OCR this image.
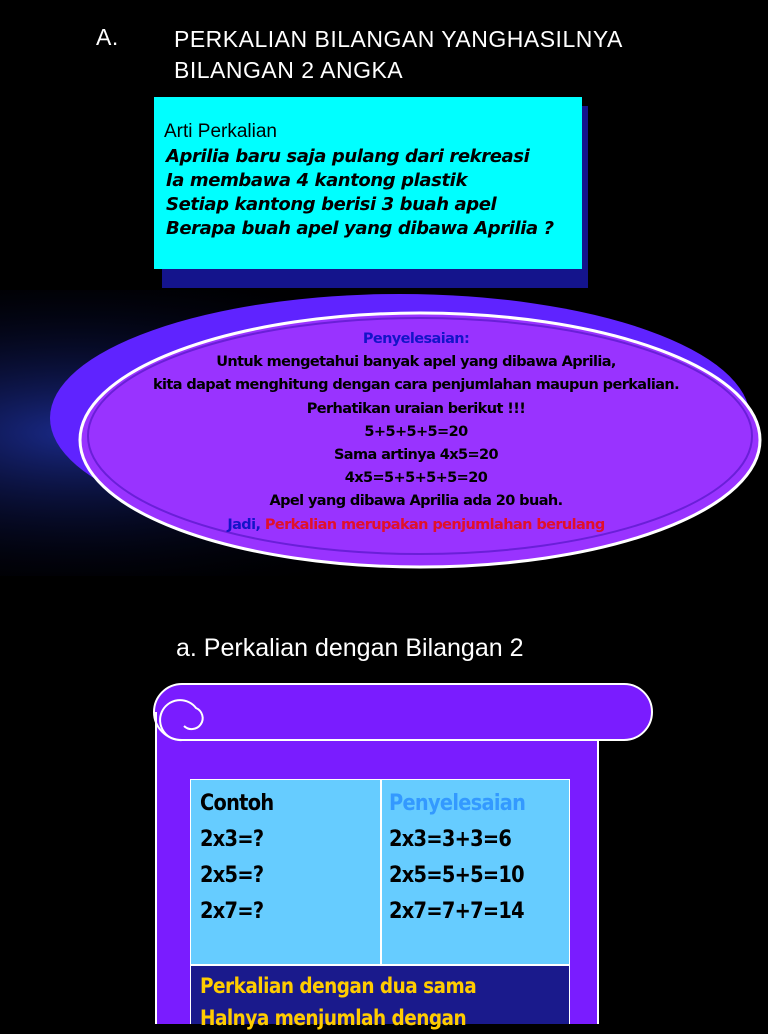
A. PERKALIAN BILANGAN YANGHASILNYA
BILANGAN 2 ANGKA
Arti Perkalian
Aprilia baru saja pulang dari rekreasi
Ia membawa 4 kantong plastik
Setiap kantong berisi 3 buah apel
Berapa buah apel yang dibawa Aprilia ?
Penyelesaian:
Untuk mengetahui banyak apel yang dibawa Aprilia,
kita dapat menghitung dengan cara penjumlahan maupun perkalian.
Perhatikan uraian berikut !!!
5+5+5+5=20
Sama artinya 4x5=20
4x5=5+5+5+5=20
Apel yang dibawa Aprilia ada 20 buah.
Jadi, Perkalian merupakan penjumlahan berulang
a. Perkalian dengan Bilangan 2
Contoh
2x3=?
2x5=?
2x7=?
Penyelesaian
2x3=3+3=6
2x5=5+5=10
2x7=7+7=14
Perkalian dengan dua sama
Halnya menjumlah dengan
